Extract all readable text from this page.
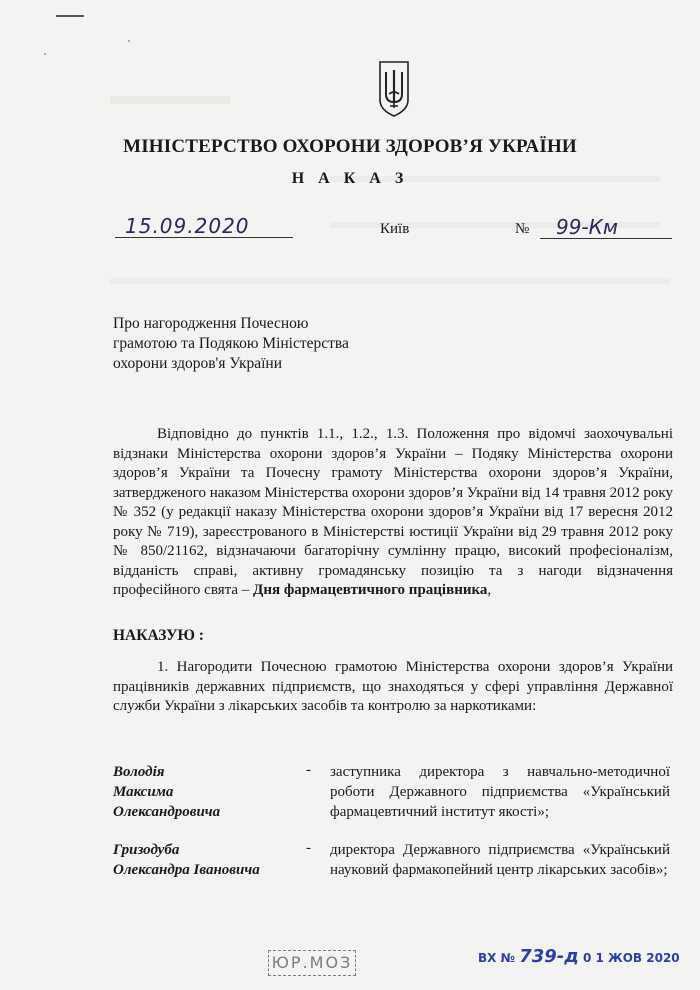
МІНІСТЕРСТВО ОХОРОНИ ЗДОРОВ’Я УКРАЇНИ
Н А К А З
15.09.2020	Київ	№ 99-Км
Про нагородження Почесною
грамотою та Подякою Міністерства
охорони здоров'я України
Відповідно до пунктів 1.1., 1.2., 1.3. Положення про відомчі заохочувальні відзнаки Міністерства охорони здоров’я України – Подяку Міністерства охорони здоров’я України та Почесну грамоту Міністерства охорони здоров’я України, затвердженого наказом Міністерства охорони здоров’я України від 14 травня 2012 року № 352 (у редакції наказу Міністерства охорони здоров’я України від 17 вересня 2012 року № 719), зареєстрованого в Міністерстві юстиції України від 29 травня 2012 року № 850/21162, відзначаючи багаторічну сумлінну працю, високий професіоналізм, відданість справі, активну громадянську позицію та з нагоди відзначення професійного свята – Дня фармацевтичного працівника,
НАКАЗУЮ :
1. Нагородити Почесною грамотою Міністерства охорони здоров’я України працівників державних підприємств, що знаходяться у сфері управління Державної служби України з лікарських засобів та контролю за наркотиками:
Володія
Максима
Олександровича
- заступника директора з навчально-методичної роботи Державного підприємства «Український фармацевтичний інститут якості»;
Гризодуба
Олександра Івановича
- директора Державного підприємства «Український науковий фармакопейний центр лікарських засобів»;
ЮР.МОЗ	ВХ № 739-д 0 1 ЖОВ 2020
